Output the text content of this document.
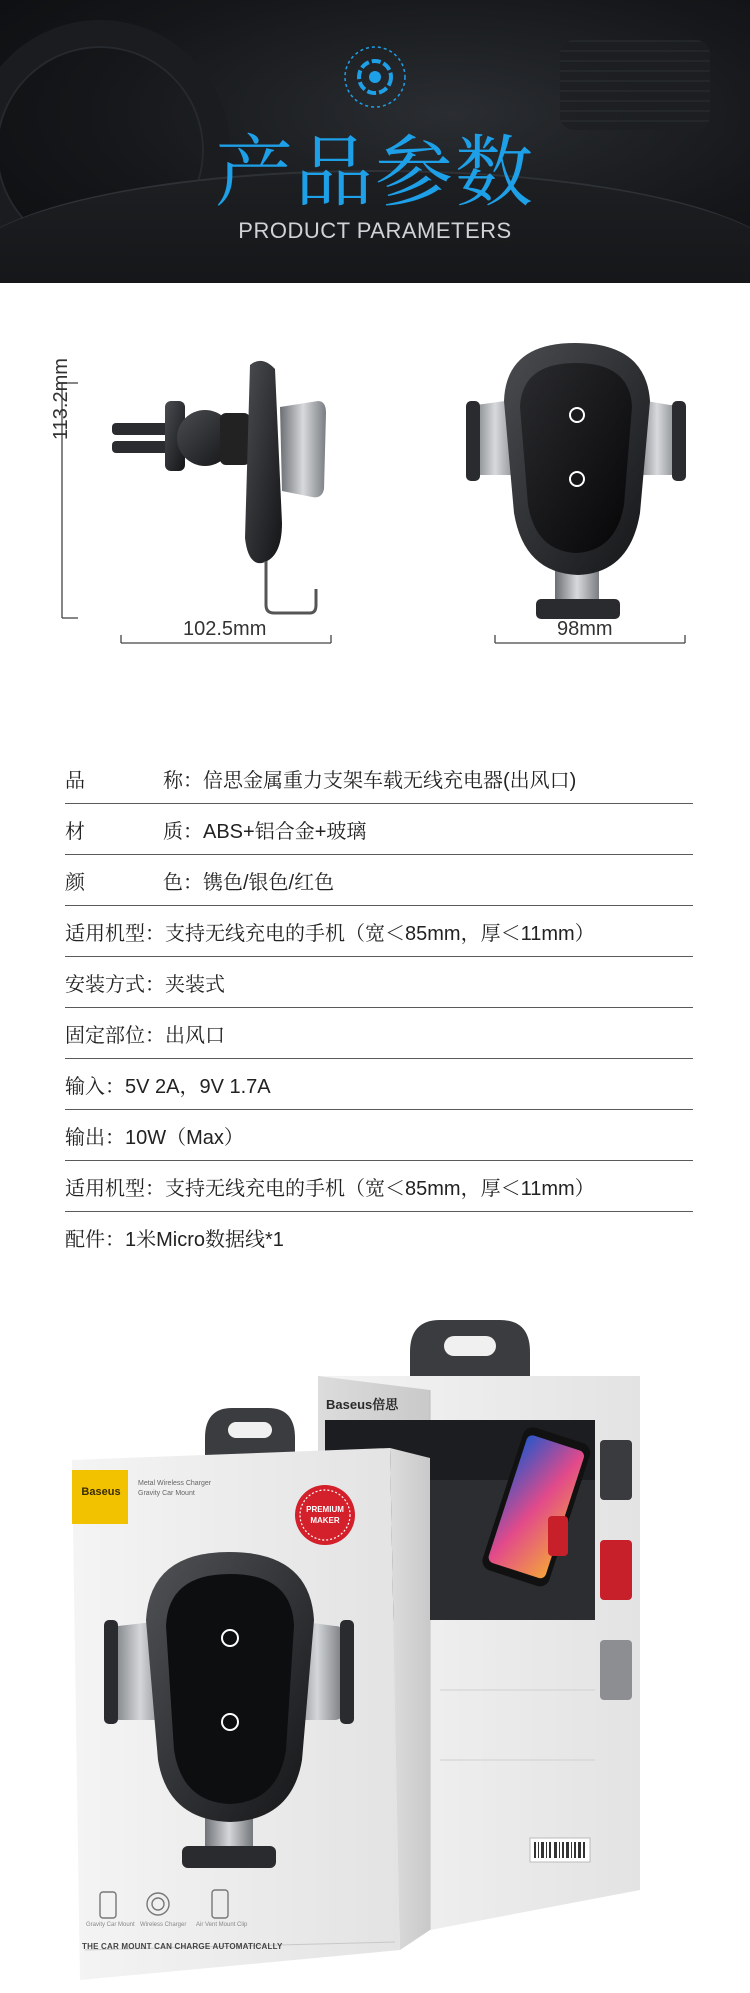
产品参数
PRODUCT PARAMETERS
113.2mm
102.5mm	98mm
品	称 ： 倍思金属重力支架车载无线充电器(出风口)
材	质 ： ABS+铝合金+玻璃
颜	色 ： 镌色/银色/红色
适用机型 ： 支持无线充电的手机（宽＜85mm，厚＜11mm）
安装方式 ： 夹装式
固定部位 ： 出风口
输入 ： 5V 2A，9V 1.7A
输出 ： 10W（Max）
适用机型 ： 支持无线充电的手机（宽＜85mm，厚＜11mm）
配件 ： 1米Micro数据线*1
Baseus
Baseus倍思
Metal Wireless Charger
Gravity Car Mount
PREMIUM
MAKER
Gravity Car Mount Wireless Charger Air Vent Mount Clip
THE CAR MOUNT CAN CHARGE AUTOMATICALLY
